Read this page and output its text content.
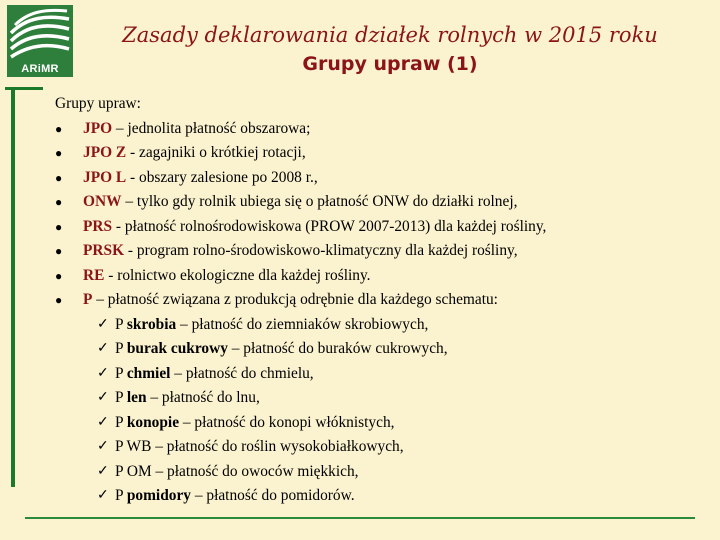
ARiMR
Zasady deklarowania działek rolnych w 2015 roku
Grupy upraw (1)
Grupy upraw:
● JPO – jednolita płatność obszarowa;
● JPO Z - zagajniki o krótkiej rotacji,
● JPO L - obszary zalesione po 2008 r.,
● ONW – tylko gdy rolnik ubiega się o płatność ONW do działki rolnej,
● PRS - płatność rolnośrodowiskowa (PROW 2007-2013) dla każdej rośliny,
● PRSK - program rolno-środowiskowo-klimatyczny dla każdej rośliny,
● RE - rolnictwo ekologiczne dla każdej rośliny.
● P – płatność związana z produkcją odrębnie dla każdego schematu:
✓ P skrobia – płatność do ziemniaków skrobiowych,
✓ P burak cukrowy – płatność do buraków cukrowych,
✓ P chmiel – płatność do chmielu,
✓ P len – płatność do lnu,
✓ P konopie – płatność do konopi włóknistych,
✓ P WB – płatność do roślin wysokobiałkowych,
✓ P OM – płatność do owoców miękkich,
✓ P pomidory – płatność do pomidorów.
